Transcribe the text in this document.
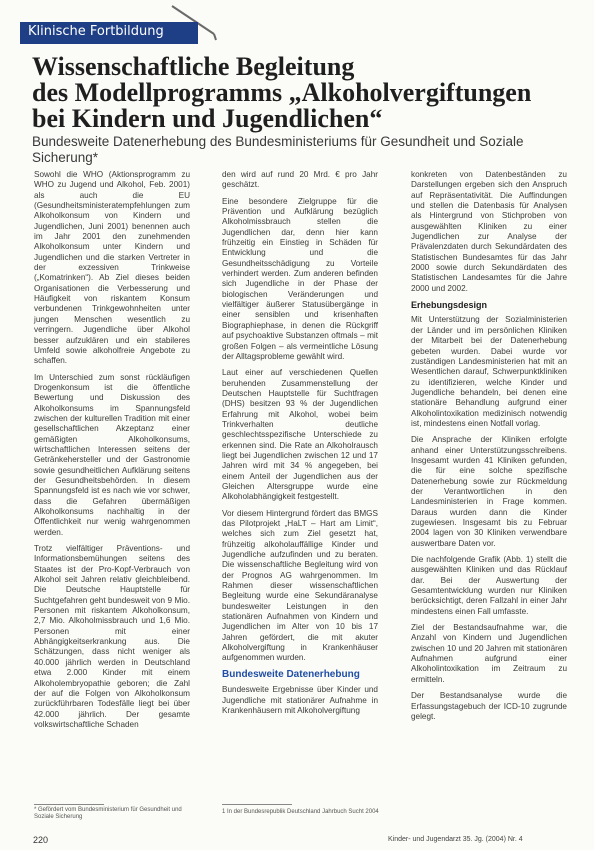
Klinische Fortbildung
Wissenschaftliche Begleitung
des Modellprogramms „Alkoholvergiftungen
bei Kindern und Jugendlichen“
Bundesweite Datenerhebung des Bundesministeriums für Gesundheit und Soziale Sicherung*

Sowohl die WHO (Aktionsprogramm zu WHO zu Jugend und Alkohol, Feb. 2001) als auch die EU (Gesundheitsministeratempfehlungen zum Alkoholkonsum von Kindern und Jugendlichen, Juni 2001) benennen auch im Jahr 2001 den zunehmenden Alkoholkonsum unter Kindern und Jugendlichen und die starken Vertreter in der exzessiven Trinkweise („Komatrinken“). Ab Ziel dieses beiden Organisationen die Verbesserung und Häufigkeit von riskantem Konsum verbundenen Trinkgewohnheiten unter jungen Menschen wesentlich zu verringern. Jugendliche über Alkohol besser aufzuklären und ein stabileres Umfeld sowie alkoholfreie Angebote zu schaffen.

Im Unterschied zum sonst rückläufigen Drogenkonsum ist die öffentliche Bewertung und Diskussion des Alkoholkonsums im Spannungsfeld zwischen der kulturellen Tradition mit einer gesellschaftlichen Akzeptanz einer gemäßigten Alkoholkonsums, wirtschaftlichen Interessen seitens der Getränkehersteller und der Gastronomie sowie gesundheitlichen Aufklärung seitens der Gesundheitsbehörden. In diesem Spannungsfeld ist es nach wie vor schwer, dass die Gefahren übermäßigen Alkoholkonsums nachhaltig in der Öffentlichkeit nur wenig wahrgenommen werden.

Trotz vielfältiger Präventions- und Informationsbemühungen seitens des Staates ist der Pro-Kopf-Verbrauch von Alkohol seit Jahren relativ gleichbleibend. Die Deutsche Hauptstelle für Suchtgefahren geht bundesweit von 9 Mio. Personen mit riskantem Alkoholkonsum, 2,7 Mio. Alkoholmissbrauch und 1,6 Mio. Personen mit einer Abhängigkeitserkrankung aus. Die Schätzungen, dass nicht weniger als 40.000 jährlich werden in Deutschland etwa 2.000 Kinder mit einem Alkoholembryopathie geboren; die Zahl der auf die Folgen von Alkoholkonsum zurückführbaren Todesfälle liegt bei über 42.000 jährlich. Der gesamte volkswirtschaftliche Schaden

den wird auf rund 20 Mrd. € pro Jahr geschätzt.

Eine besondere Zielgruppe für die Prävention und Aufklärung bezüglich Alkoholmissbrauch stellen die Jugendlichen dar, denn hier kann frühzeitig ein Einstieg in Schäden für Entwicklung und die Gesundheitsschädigung zu Vorteile verhindert werden. Zum anderen befinden sich Jugendliche in der Phase der biologischen Veränderungen und vielfältiger äußerer Statusübergänge in einer sensiblen und krisenhaften Biographiephase, in denen die Rückgriff auf psychoaktive Substanzen oftmals – mit großen Folgen – als vermeintliche Lösung der Alltagsprobleme gewählt wird.

Laut einer auf verschiedenen Quellen beruhenden Zusammenstellung der Deutschen Hauptstelle für Suchtfragen (DHS) besitzen 93 % der Jugendlichen Erfahrung mit Alkohol, wobei beim Trinkverhalten deutliche geschlechtsspezifische Unterschiede zu erkennen sind. Die Rate an Alkoholrausch liegt bei Jugendlichen zwischen 12 und 17 Jahren wird mit 34 % angegeben, bei einem Anteil der Jugendlichen aus der Gleichen Altersgruppe wurde eine Alkoholabhängigkeit festgestellt.

Vor diesem Hintergrund fördert das BMGS das Pilotprojekt „HaLT – Hart am Limit“, welches sich zum Ziel gesetzt hat, frühzeitig alkoholauffällige Kinder und Jugendliche aufzufinden und zu beraten. Die wissenschaftliche Begleitung wird von der Prognos AG wahrgenommen. Im Rahmen dieser wissenschaftlichen Begleitung wurde eine Sekundäranalyse bundesweiter Leistungen in den stationären Aufnahmen von Kindern und Jugendlichen im Alter von 10 bis 17 Jahren gefördert, die mit akuter Alkoholvergiftung in Krankenhäuser aufgenommen wurden.

Bundesweite Datenerhebung

Bundesweite Ergebnisse über Kinder und Jugendliche mit stationärer Aufnahme in Krankenhäusern mit Alkoholvergiftung

konkreten von Datenbeständen zu Darstellungen ergeben sich den Anspruch auf Repräsentativität. Die Auffindungen und stellen die Datenbasis für Analysen als Hintergrund von Stichproben von ausgewählten Kliniken zu einer Jugendlichen zur Analyse der Prävalenzdaten durch Sekundärdaten des Statistischen Bundesamtes für das Jahr 2000 sowie durch Sekundärdaten des Statistischen Landesamtes für die Jahre 2000 und 2002.

Erhebungsdesign

Mit Unterstützung der Sozialministerien der Länder und im persönlichen Kliniken der Mitarbeit bei der Datenerhebung gebeten wurden. Dabei wurde vor zuständigen Landesministerien hat mit an Wesentlichen darauf, Schwerpunktkliniken zu identifizieren, welche Kinder und Jugendliche behandeln, bei denen eine stationäre Behandlung aufgrund einer Alkoholintoxikation medizinisch notwendig ist, mindestens einen Notfall vorlag.

Die Ansprache der Kliniken erfolgte anhand einer Unterstützungsschreibens. Insgesamt wurden 41 Kliniken gefunden, die für eine solche spezifische Datenerhebung sowie zur Rückmeldung der Verantwortlichen in den Landesministerien in Frage kommen. Daraus wurden dann die Kinder zugewiesen. Insgesamt bis zu Februar 2004 lagen von 30 Kliniken verwendbare auswertbare Daten vor.

Die nachfolgende Grafik (Abb. 1) stellt die ausgewählten Kliniken und das Rücklauf dar. Bei der Auswertung der Gesamtentwicklung wurden nur Kliniken berücksichtigt, deren Fallzahl in einer Jahr mindestens einen Fall umfasste.

Ziel der Bestandsaufnahme war, die Anzahl von Kindern und Jugendlichen zwischen 10 und 20 Jahren mit stationären Aufnahmen aufgrund einer Alkoholintoxikation im Zeitraum zu ermitteln.

Der Bestandsanalyse wurde die Erfassungstagebuch der ICD-10 zugrunde gelegt.

* Gefördert vom Bundesministerium für Gesundheit und Soziale Sicherung
1 In der Bundesrepublik Deutschland Jahrbuch Sucht 2004
220	Kinder- und Jugendarzt 35. Jg. (2004) Nr. 4
